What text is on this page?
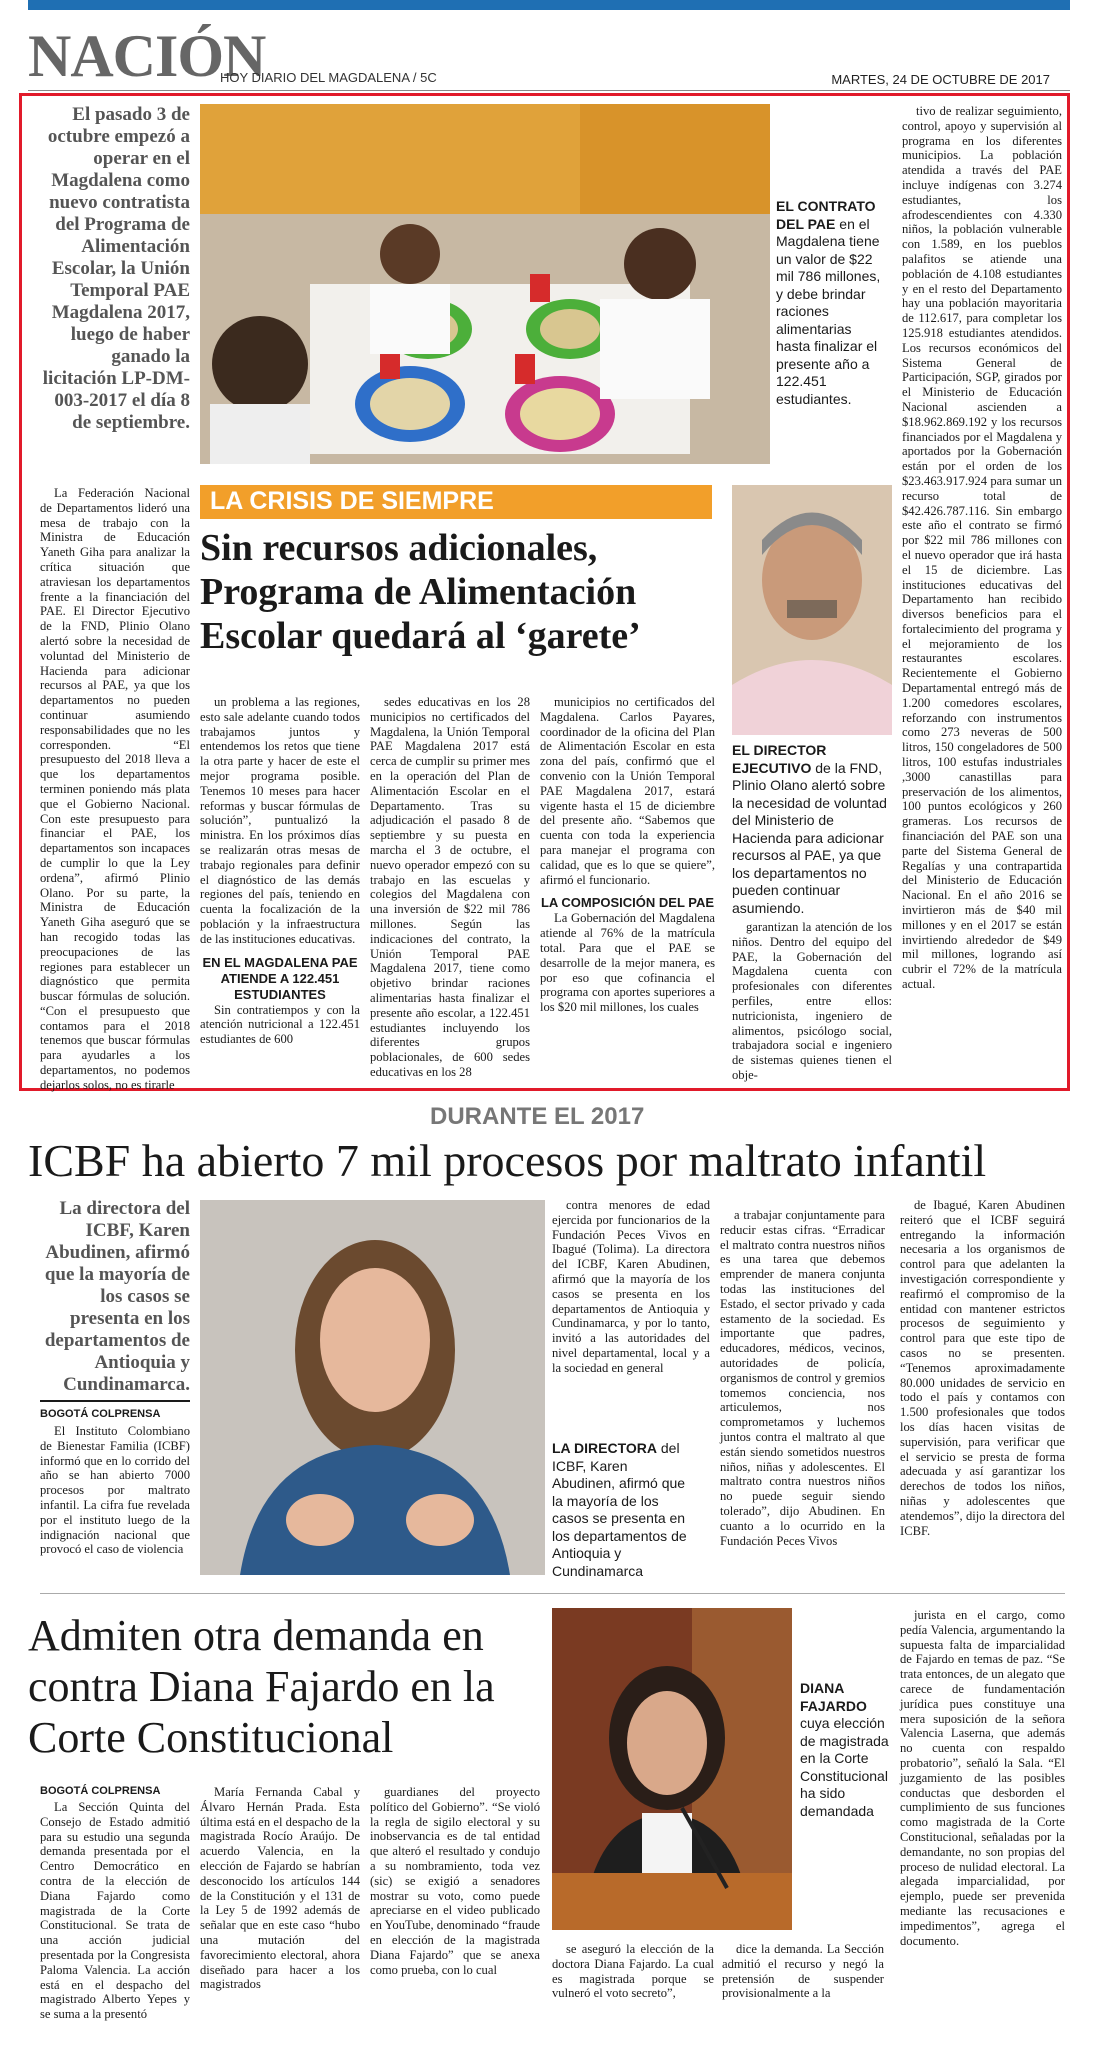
NACIÓN
HOY DIARIO DEL MAGDALENA / 5C	MARTES, 24 DE OCTUBRE DE 2017
El pasado 3 de octubre empezó a operar en el Magdalena como nuevo contratista del Programa de Alimentación Escolar, la Unión Temporal PAE Magdalena 2017, luego de haber ganado la licitación LP-DM-003-2017 el día 8 de septiembre.
EL CONTRATO DEL PAE en el Magdalena tiene un valor de $22 mil 786 millones, y debe brindar raciones alimentarias hasta finalizar el presente año a 122.451 estudiantes.
LA CRISIS DE SIEMPRE
Sin recursos adicionales, Programa de Alimentación Escolar quedará al ‘garete’
EL DIRECTOR EJECUTIVO de la FND, Plinio Olano alertó sobre la necesidad de voluntad del Ministerio de Hacienda para adicionar recursos al PAE, ya que los departamentos no pueden continuar asumiendo.

La Federación Nacional de Departamentos lideró una mesa de trabajo con la Ministra de Educación Yaneth Giha para analizar la crítica situación que atraviesan los departamentos frente a la financiación del PAE. El Director Ejecutivo de la FND, Plinio Olano alertó sobre la necesidad de voluntad del Ministerio de Hacienda para adicionar recursos al PAE, ya que los departamentos no pueden continuar asumiendo responsabilidades que no les corresponden. “El presupuesto del 2018 lleva a que los departamentos terminen poniendo más plata que el Gobierno Nacional. Con este presupuesto para financiar el PAE, los departamentos son incapaces de cumplir lo que la Ley ordena”, afirmó Plinio Olano. Por su parte, la Ministra de Educación Yaneth Giha aseguró que se han recogido todas las preocupaciones de las regiones para establecer un diagnóstico que permita buscar fórmulas de solución. “Con el presupuesto que contamos para el 2018 tenemos que buscar fórmulas para ayudarles a los departamentos, no podemos dejarlos solos, no es tirarle

un problema a las regiones, esto sale adelante cuando todos trabajamos juntos y entendemos los retos que tiene la otra parte y hacer de este el mejor programa posible. Tenemos 10 meses para hacer reformas y buscar fórmulas de solución”, puntualizó la ministra. En los próximos días se realizarán otras mesas de trabajo regionales para definir el diagnóstico de las demás regiones del país, teniendo en cuenta la focalización de la población y la infraestructura de las instituciones educativas.

EN EL MAGDALENA PAE ATIENDE A 122.451 ESTUDIANTES

Sin contratiempos y con la atención nutricional a 122.451 estudiantes de 600

sedes educativas en los 28 municipios no certificados del Magdalena, la Unión Temporal PAE Magdalena 2017 está cerca de cumplir su primer mes en la operación del Plan de Alimentación Escolar en el Departamento. Tras su adjudicación el pasado 8 de septiembre y su puesta en marcha el 3 de octubre, el nuevo operador empezó con su trabajo en las escuelas y colegios del Magdalena con una inversión de $22 mil 786 millones. Según las indicaciones del contrato, la Unión Temporal PAE Magdalena 2017, tiene como objetivo brindar raciones alimentarias hasta finalizar el presente año escolar, a 122.451 estudiantes incluyendo los diferentes grupos poblacionales, de 600 sedes educativas en los 28

municipios no certificados del Magdalena. Carlos Payares, coordinador de la oficina del Plan de Alimentación Escolar en esta zona del país, confirmó que el convenio con la Unión Temporal PAE Magdalena 2017, estará vigente hasta el 15 de diciembre del presente año. “Sabemos que cuenta con toda la experiencia para manejar el programa con calidad, que es lo que se quiere”, afirmó el funcionario.

LA COMPOSICIÓN DEL PAE

La Gobernación del Magdalena atiende al 76% de la matrícula total. Para que el PAE se desarrolle de la mejor manera, es por eso que cofinancia el programa con aportes superiores a los $20 mil millones, los cuales

garantizan la atención de los niños. Dentro del equipo del PAE, la Gobernación del Magdalena cuenta con profesionales con diferentes perfiles, entre ellos: nutricionista, ingeniero de alimentos, psicólogo social, trabajadora social e ingeniero de sistemas quienes tienen el obje-

tivo de realizar seguimiento, control, apoyo y supervisión al programa en los diferentes municipios. La población atendida a través del PAE incluye indígenas con 3.274 estudiantes, los afrodescendientes con 4.330 niños, la población vulnerable con 1.589, en los pueblos palafitos se atiende una población de 4.108 estudiantes y en el resto del Departamento hay una población mayoritaria de 112.617, para completar los 125.918 estudiantes atendidos. Los recursos económicos del Sistema General de Participación, SGP, girados por el Ministerio de Educación Nacional ascienden a $18.962.869.192 y los recursos financiados por el Magdalena y aportados por la Gobernación están por el orden de los $23.463.917.924 para sumar un recurso total de $42.426.787.116. Sin embargo este año el contrato se firmó por $22 mil 786 millones con el nuevo operador que irá hasta el 15 de diciembre. Las instituciones educativas del Departamento han recibido diversos beneficios para el fortalecimiento del programa y el mejoramiento de los restaurantes escolares. Recientemente el Gobierno Departamental entregó más de 1.200 comedores escolares, reforzando con instrumentos como 273 neveras de 500 litros, 150 congeladores de 500 litros, 100 estufas industriales ,3000 canastillas para preservación de los alimentos, 100 puntos ecológicos y 260 grameras. Los recursos de financiación del PAE son una parte del Sistema General de Regalías y una contrapartida del Ministerio de Educación Nacional. En el año 2016 se invirtieron más de $40 mil millones y en el 2017 se están invirtiendo alrededor de $49 mil millones, logrando así cubrir el 72% de la matrícula actual.

DURANTE EL 2017
ICBF ha abierto 7 mil procesos por maltrato infantil
La directora del ICBF, Karen Abudinen, afirmó que la mayoría de los casos se presenta en los departamentos de Antioquia y Cundinamarca.
BOGOTÁ COLPRENSA

El Instituto Colombiano de Bienestar Familia (ICBF) informó que en lo corrido del año se han abierto 7000 procesos por maltrato infantil. La cifra fue revelada por el instituto luego de la indignación nacional que provocó el caso de violencia

LA DIRECTORA del ICBF, Karen Abudinen, afirmó que la mayoría de los casos se presenta en los departamentos de Antioquia y Cundinamarca

contra menores de edad ejercida por funcionarios de la Fundación Peces Vivos en Ibagué (Tolima). La directora del ICBF, Karen Abudinen, afirmó que la mayoría de los casos se presenta en los departamentos de Antioquia y Cundinamarca, y por lo tanto, invitó a las autoridades del nivel departamental, local y a la sociedad en general

a trabajar conjuntamente para reducir estas cifras. “Erradicar el maltrato contra nuestros niños es una tarea que debemos emprender de manera conjunta todas las instituciones del Estado, el sector privado y cada estamento de la sociedad. Es importante que padres, educadores, médicos, vecinos, autoridades de policía, organismos de control y gremios tomemos conciencia, nos articulemos, nos comprometamos y luchemos juntos contra el maltrato al que están siendo sometidos nuestros niños, niñas y adolescentes. El maltrato contra nuestros niños no puede seguir siendo tolerado”, dijo Abudinen. En cuanto a lo ocurrido en la Fundación Peces Vivos

de Ibagué, Karen Abudinen reiteró que el ICBF seguirá entregando la información necesaria a los organismos de control para que adelanten la investigación correspondiente y reafirmó el compromiso de la entidad con mantener estrictos procesos de seguimiento y control para que este tipo de casos no se presenten. “Tenemos aproximadamente 80.000 unidades de servicio en todo el país y contamos con 1.500 profesionales que todos los días hacen visitas de supervisión, para verificar que el servicio se presta de forma adecuada y así garantizar los derechos de todos los niños, niñas y adolescentes que atendemos”, dijo la directora del ICBF.

Admiten otra demanda en contra Diana Fajardo en la Corte Constitucional
BOGOTÁ COLPRENSA

La Sección Quinta del Consejo de Estado admitió para su estudio una segunda demanda presentada por el Centro Democrático en contra de la elección de Diana Fajardo como magistrada de la Corte Constitucional. Se trata de una acción judicial presentada por la Congresista Paloma Valencia. La acción está en el despacho del magistrado Alberto Yepes y se suma a la presentó

María Fernanda Cabal y Álvaro Hernán Prada. Esta última está en el despacho de la magistrada Rocío Araújo. De acuerdo Valencia, en la elección de Fajardo se habrían desconocido los artículos 144 de la Constitución y el 131 de la Ley 5 de 1992 además de señalar que en este caso “hubo una mutación del favorecimiento electoral, ahora diseñado para hacer a los magistrados

guardianes del proyecto político del Gobierno”. “Se violó la regla de sigilo electoral y su inobservancia es de tal entidad que alteró el resultado y condujo a su nombramiento, toda vez (sic) se exigió a senadores mostrar su voto, como puede apreciarse en el video publicado en YouTube, denominado “fraude en elección de la magistrada Diana Fajardo” que se anexa como prueba, con lo cual

DIANA FAJARDO cuya elección de magistrada en la Corte Constitucional ha sido demandada

se aseguró la elección de la doctora Diana Fajardo. La cual es magistrada porque se vulneró el voto secreto”,

dice la demanda. La Sección admitió el recurso y negó la pretensión de suspender provisionalmente a la

jurista en el cargo, como pedía Valencia, argumentando la supuesta falta de imparcialidad de Fajardo en temas de paz. “Se trata entonces, de un alegato que carece de fundamentación jurídica pues constituye una mera suposición de la señora Valencia Laserna, que además no cuenta con respaldo probatorio”, señaló la Sala. “El juzgamiento de las posibles conductas que desborden el cumplimiento de sus funciones como magistrada de la Corte Constitucional, señaladas por la demandante, no son propias del proceso de nulidad electoral. La alegada imparcialidad, por ejemplo, puede ser prevenida mediante las recusaciones e impedimentos”, agrega el documento.
